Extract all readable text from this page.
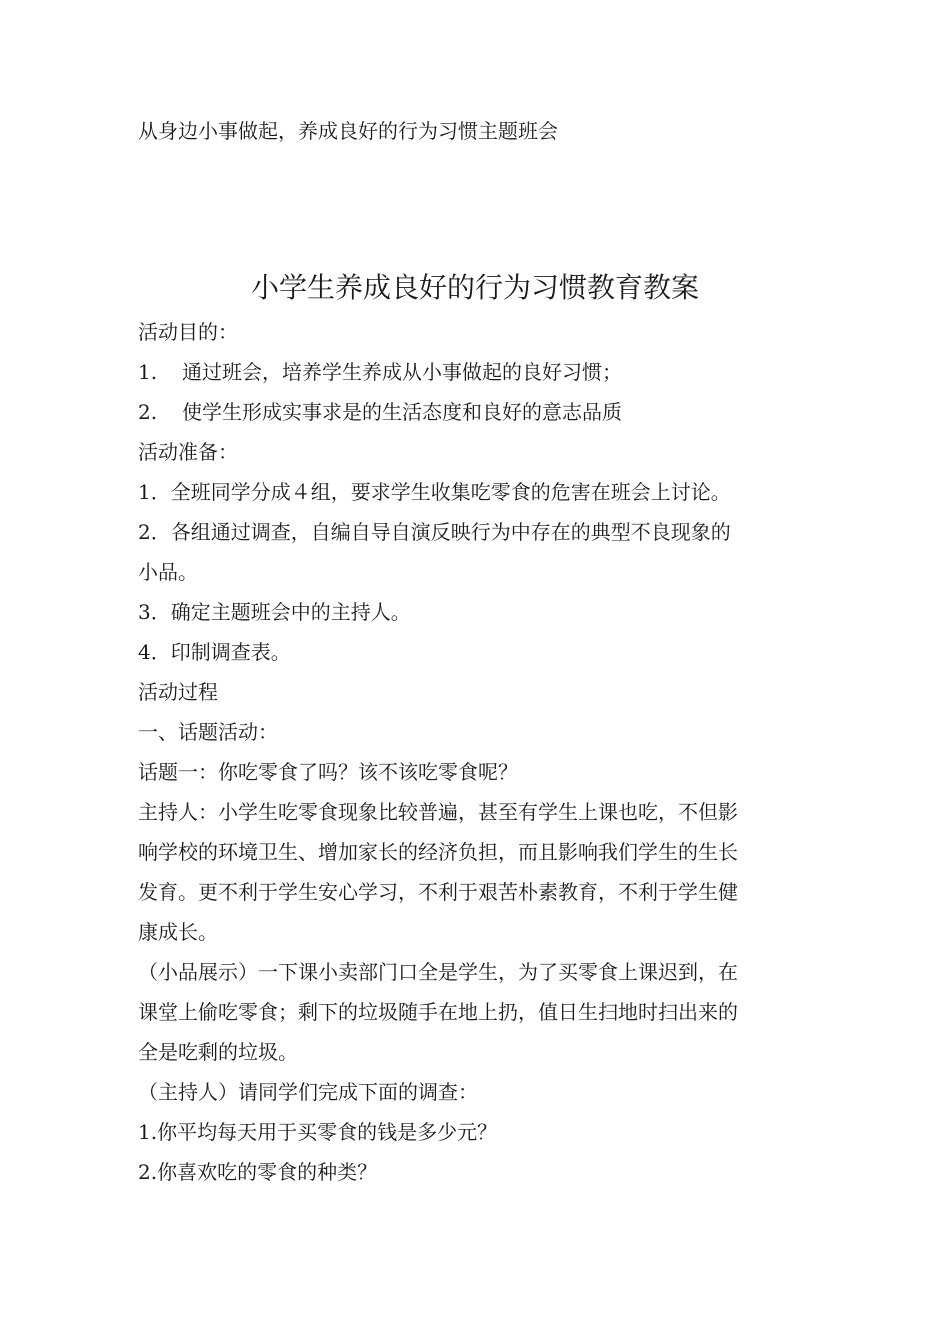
从身边小事做起，养成良好的行为习惯主题班会
小学生养成良好的行为习惯教育教案
活动目的：
1. 通过班会，培养学生养成从小事做起的良好习惯；
2. 使学生形成实事求是的生活态度和良好的意志品质
活动准备：
1．全班同学分成４组，要求学生收集吃零食的危害在班会上讨论。
2．各组通过调查，自编自导自演反映行为中存在的典型不良现象的
小品。
3．确定主题班会中的主持人。
4．印制调查表。
活动过程
一、话题活动：
话题一：你吃零食了吗？该不该吃零食呢？
主持人：小学生吃零食现象比较普遍，甚至有学生上课也吃，不但影
响学校的环境卫生、增加家长的经济负担，而且影响我们学生的生长
发育。更不利于学生安心学习，不利于艰苦朴素教育，不利于学生健
康成长。
（小品展示）一下课小卖部门口全是学生，为了买零食上课迟到，在
课堂上偷吃零食；剩下的垃圾随手在地上扔，值日生扫地时扫出来的
全是吃剩的垃圾。
（主持人）请同学们完成下面的调查：
1.你平均每天用于买零食的钱是多少元？
2.你喜欢吃的零食的种类？
